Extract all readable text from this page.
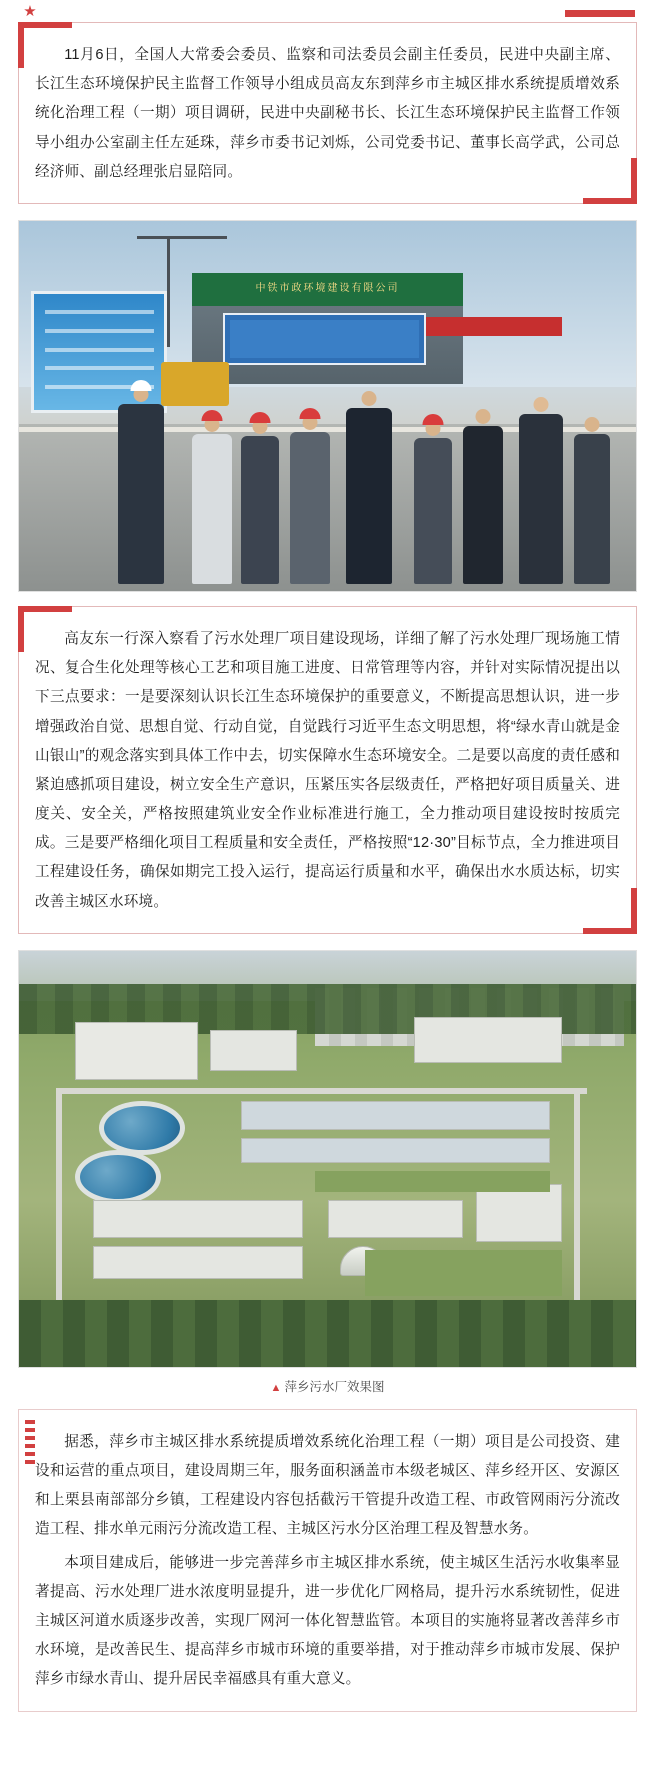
★

11月6日，全国人大常委会委员、监察和司法委员会副主任委员，民进中央副主席、长江生态环境保护民主监督工作领导小组成员高友东到萍乡市主城区排水系统提质增效系统化治理工程（一期）项目调研，民进中央副秘书长、长江生态环境保护民主监督工作领导小组办公室副主任左延珠，萍乡市委书记刘烁，公司党委书记、董事长高学武，公司总经济师、副总经理张启显陪同。

中铁市政环境建设有限公司

高友东一行深入察看了污水处理厂项目建设现场，详细了解了污水处理厂现场施工情况、复合生化处理等核心工艺和项目施工进度、日常管理等内容，并针对实际情况提出以下三点要求：一是要深刻认识长江生态环境保护的重要意义，不断提高思想认识，进一步增强政治自觉、思想自觉、行动自觉，自觉践行习近平生态文明思想，将“绿水青山就是金山银山”的观念落实到具体工作中去，切实保障水生态环境安全。二是要以高度的责任感和紧迫感抓项目建设，树立安全生产意识，压紧压实各层级责任，严格把好项目质量关、进度关、安全关，严格按照建筑业安全作业标准进行施工，全力推动项目建设按时按质完成。三是要严格细化项目工程质量和安全责任，严格按照“12·30”目标节点，全力推进项目工程建设任务，确保如期完工投入运行，提高运行质量和水平，确保出水水质达标，切实改善主城区水环境。

▲ 萍乡污水厂效果图

据悉，萍乡市主城区排水系统提质增效系统化治理工程（一期）项目是公司投资、建设和运营的重点项目，建设周期三年，服务面积涵盖市本级老城区、萍乡经开区、安源区和上栗县南部部分乡镇，工程建设内容包括截污干管提升改造工程、市政管网雨污分流改造工程、排水单元雨污分流改造工程、主城区污水分区治理工程及智慧水务。

本项目建成后，能够进一步完善萍乡市主城区排水系统，使主城区生活污水收集率显著提高、污水处理厂进水浓度明显提升，进一步优化厂网格局，提升污水系统韧性，促进主城区河道水质逐步改善，实现厂网河一体化智慧监管。本项目的实施将显著改善萍乡市水环境，是改善民生、提高萍乡市城市环境的重要举措，对于推动萍乡市城市发展、保护萍乡市绿水青山、提升居民幸福感具有重大意义。
